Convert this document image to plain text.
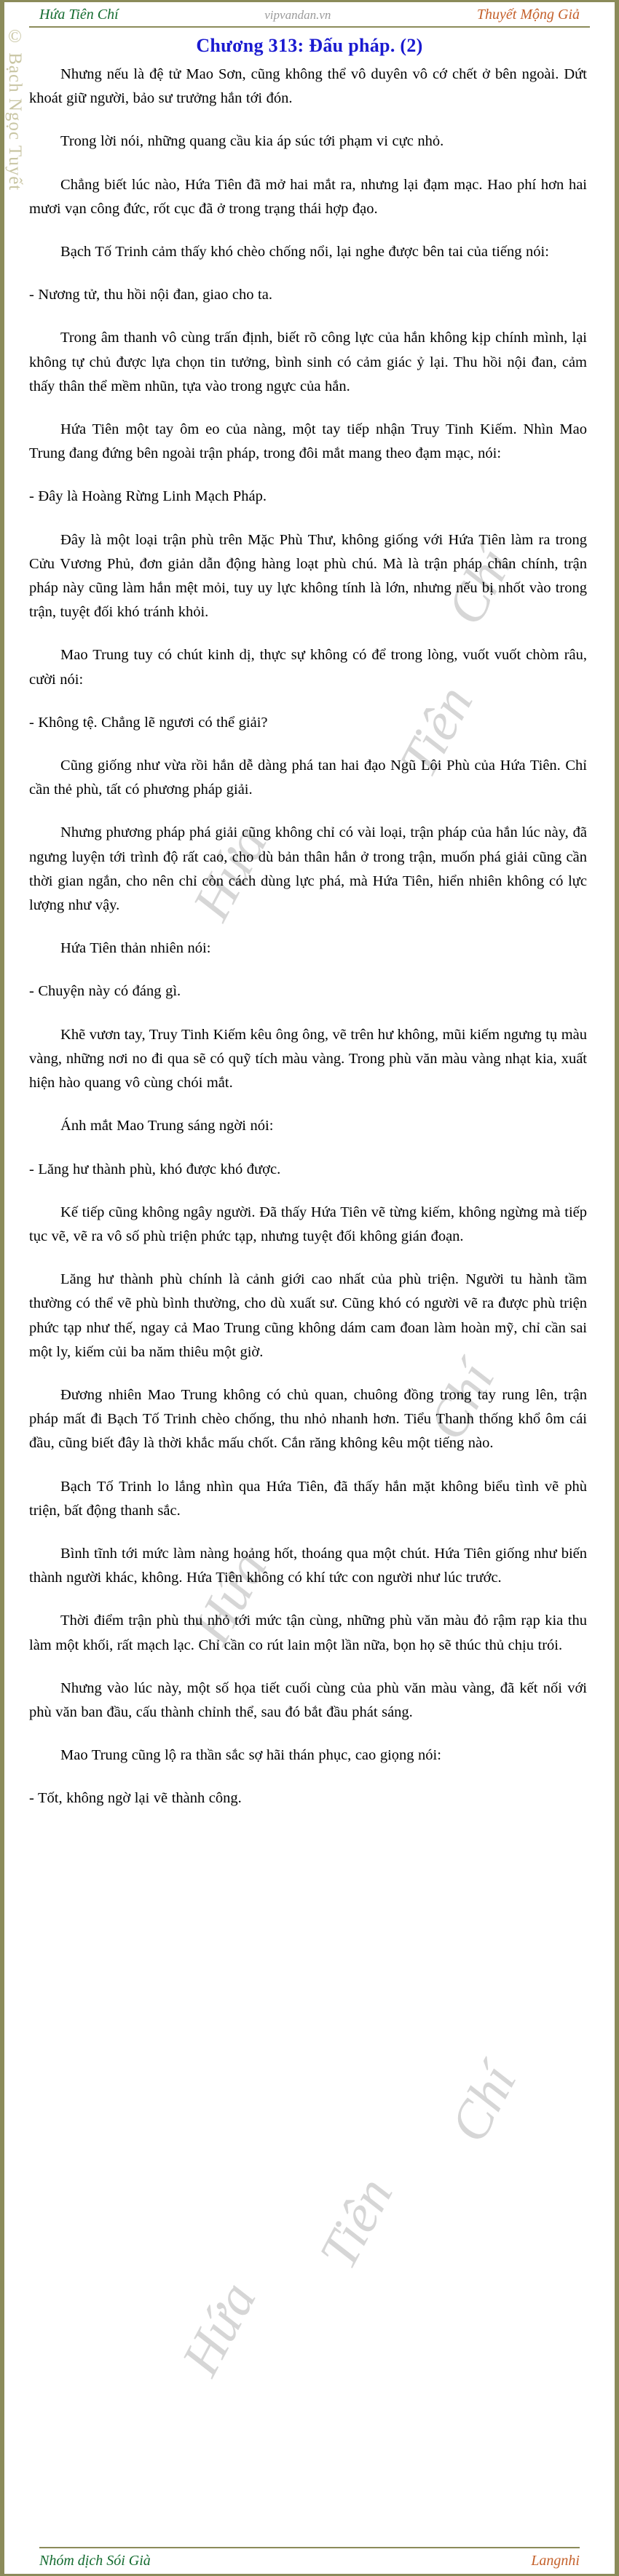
© Bạch Ngọc Tuyết
Chí
Tiên
Hứa
Chí
Hứa
Chí
Tiên
Hứa
Hứa Tiên Chí	vipvandan.vn	Thuyết Mộng Giả
Chương 313: Đấu pháp. (2)

Nhưng nếu là đệ tử Mao Sơn, cũng không thể vô duyên vô cớ chết ở bên ngoài. Dứt khoát giữ người, bảo sư trưởng hắn tới đón.

Trong lời nói, những quang cầu kia áp súc tới phạm vi cực nhỏ.

Chẳng biết lúc nào, Hứa Tiên đã mở hai mắt ra, nhưng lại đạm mạc. Hao phí hơn hai mươi vạn công đức, rốt cục đã ở trong trạng thái hợp đạo.

Bạch Tố Trinh cảm thấy khó chèo chống nổi, lại nghe được bên tai của tiếng nói:

- Nương tử, thu hồi nội đan, giao cho ta.

Trong âm thanh vô cùng trấn định, biết rõ công lực của hắn không kịp chính mình, lại không tự chủ được lựa chọn tin tưởng, bình sinh có cảm giác ỷ lại. Thu hồi nội đan, cảm thấy thân thể mềm nhũn, tựa vào trong ngực của hắn.

Hứa Tiên một tay ôm eo của nàng, một tay tiếp nhận Truy Tinh Kiếm. Nhìn Mao Trung đang đứng bên ngoài trận pháp, trong đôi mắt mang theo đạm mạc, nói:

- Đây là Hoàng Rừng Linh Mạch Pháp.

Đây là một loại trận phù trên Mặc Phù Thư, không giống với Hứa Tiên làm ra trong Cửu Vương Phủ, đơn giản dẫn động hàng loạt phù chú. Mà là trận pháp chân chính, trận pháp này cũng làm hắn mệt mỏi, tuy uy lực không tính là lớn, nhưng nếu bị nhốt vào trong trận, tuyệt đối khó tránh khỏi.

Mao Trung tuy có chút kinh dị, thực sự không có để trong lòng, vuốt vuốt chòm râu, cười nói:

- Không tệ. Chẳng lẽ ngươi có thể giải?

Cũng giống như vừa rồi hắn dễ dàng phá tan hai đạo Ngũ Lôi Phù của Hứa Tiên. Chỉ cần thẻ phù, tất có phương pháp giải.

Nhưng phương pháp phá giải cũng không chỉ có vài loại, trận pháp của hắn lúc này, đã ngưng luyện tới trình độ rất cao, cho dù bản thân hắn ở trong trận, muốn phá giải cũng cần thời gian ngắn, cho nên chỉ còn cách dùng lực phá, mà Hứa Tiên, hiển nhiên không có lực lượng như vậy.

Hứa Tiên thản nhiên nói:

- Chuyện này có đáng gì.

Khẽ vươn tay, Truy Tinh Kiếm kêu ông ông, vẽ trên hư không, mũi kiếm ngưng tụ màu vàng, những nơi no đi qua sẽ có quỹ tích màu vàng. Trong phù văn màu vàng nhạt kia, xuất hiện hào quang vô cùng chói mắt.

Ánh mắt Mao Trung sáng ngời nói:

- Lăng hư thành phù, khó được khó được.

Kế tiếp cũng không ngây người. Đã thấy Hứa Tiên vẽ từng kiếm, không ngừng mà tiếp tục vẽ, vẽ ra vô số phù triện phức tạp, nhưng tuyệt đối không gián đoạn.

Lăng hư thành phù chính là cảnh giới cao nhất của phù triện. Người tu hành tầm thường có thể vẽ phù bình thường, cho dù xuất sư. Cũng khó có người vẽ ra được phù triện phức tạp như thế, ngay cả Mao Trung cũng không dám cam đoan làm hoàn mỹ, chỉ cần sai một ly, kiếm củi ba năm thiêu một giờ.

Đương nhiên Mao Trung không có chủ quan, chuông đồng trong tay rung lên, trận pháp mất đi Bạch Tố Trinh chèo chống, thu nhỏ nhanh hơn. Tiểu Thanh thống khổ ôm cái đầu, cũng biết đây là thời khắc mấu chốt. Cắn răng không kêu một tiếng nào.

Bạch Tố Trinh lo lắng nhìn qua Hứa Tiên, đã thấy hắn mặt không biểu tình vẽ phù triện, bất động thanh sắc.

Bình tĩnh tới mức làm nàng hoảng hốt, thoáng qua một chút. Hứa Tiên giống như biến thành người khác, không. Hứa Tiên không có khí tức con người như lúc trước.

Thời điểm trận phù thu nhỏ tới mức tận cùng, những phù văn màu đỏ rậm rạp kia thu làm một khối, rất mạch lạc. Chỉ cần co rút lain một lần nữa, bọn họ sẽ thúc thủ chịu trói.

Nhưng vào lúc này, một số họa tiết cuối cùng của phù văn màu vàng, đã kết nối với phù văn ban đầu, cấu thành chỉnh thể, sau đó bắt đầu phát sáng.

Mao Trung cũng lộ ra thần sắc sợ hãi thán phục, cao giọng nói:

- Tốt, không ngờ lại vẽ thành công.

Nhóm dịch Sói Già	Langnhi
